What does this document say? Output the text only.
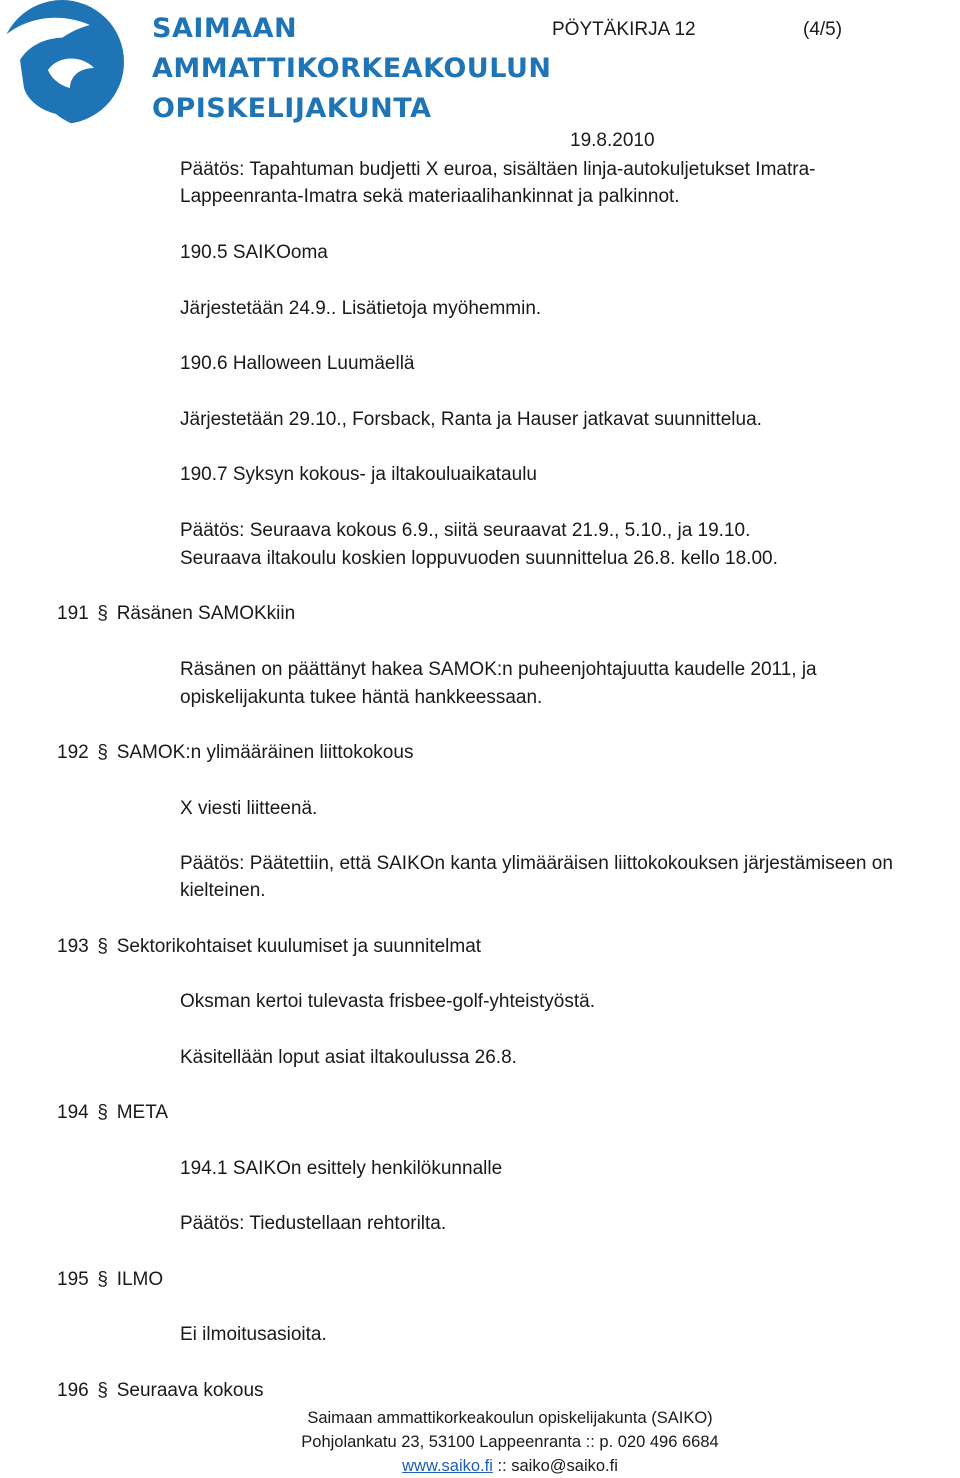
SAIMAAN
AMMATTIKORKEAKOULUN
OPISKELIJAKUNTA
PÖYTÄKIRJA 12	(4/5)
19.8.2010
Päätös: Tapahtuman budjetti X euroa, sisältäen linja-autokuljetukset Imatra-
Lappeenranta-Imatra sekä materiaalihankinnat ja palkinnot.
190.5 SAIKOoma
Järjestetään 24.9.. Lisätietoja myöhemmin.
190.6 Halloween Luumäellä
Järjestetään 29.10., Forsback, Ranta ja Hauser jatkavat suunnittelua.
190.7 Syksyn kokous- ja iltakouluaikataulu
Päätös: Seuraava kokous 6.9., siitä seuraavat 21.9., 5.10., ja 19.10.
Seuraava iltakoulu koskien loppuvuoden suunnittelua 26.8. kello 18.00.
191 § Räsänen SAMOKkiin
Räsänen on päättänyt hakea SAMOK:n puheenjohtajuutta kaudelle 2011, ja
opiskelijakunta tukee häntä hankkeessaan.
192 § SAMOK:n ylimääräinen liittokokous
X viesti liitteenä.
Päätös: Päätettiin, että SAIKOn kanta ylimääräisen liittokokouksen järjestämiseen on
kielteinen.
193 § Sektorikohtaiset kuulumiset ja suunnitelmat
Oksman kertoi tulevasta frisbee-golf-yhteistyöstä.
Käsitellään loput asiat iltakoulussa 26.8.
194 § META
194.1 SAIKOn esittely henkilökunnalle
Päätös: Tiedustellaan rehtorilta.
195 § ILMO
Ei ilmoitusasioita.
196 § Seuraava kokous
Saimaan ammattikorkeakoulun opiskelijakunta (SAIKO)
Pohjolankatu 23, 53100 Lappeenranta :: p. 020 496 6684
www.saiko.fi :: saiko@saiko.fi
